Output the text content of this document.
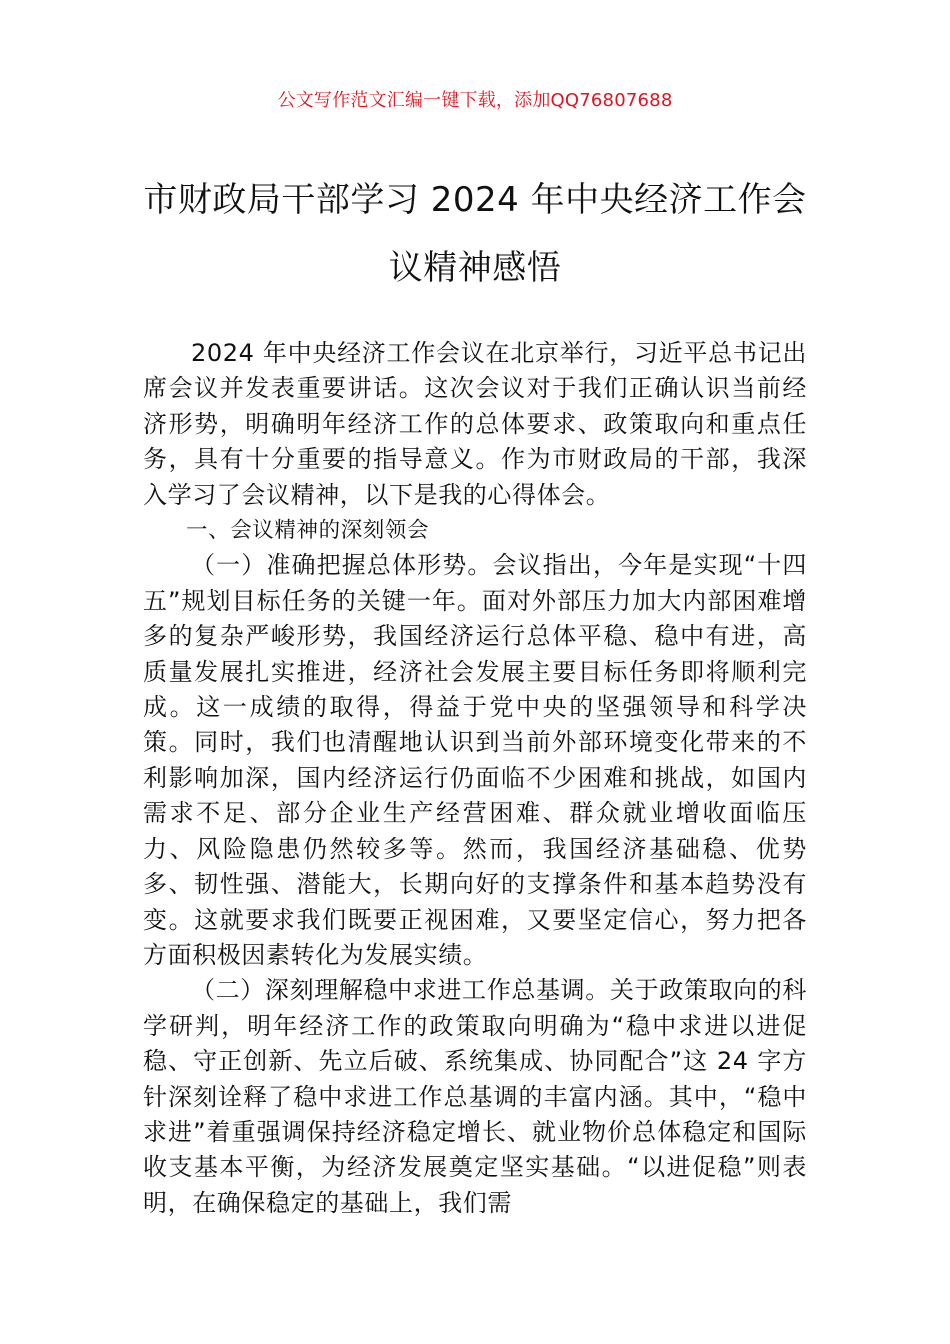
公文写作范文汇编一键下载，添加QQ76807688
市财政局干部学习 2024 年中央经济工作会
议精神感悟

2024 年中央经济工作会议在北京举行，习近平总书记出席会议并发表重要讲话。这次会议对于我们正确认识当前经济形势，明确明年经济工作的总体要求、政策取向和重点任务，具有十分重要的指导意义。作为市财政局的干部，我深入学习了会议精神，以下是我的心得体会。

一、会议精神的深刻领会

（一）准确把握总体形势。会议指出，今年是实现“十四五”规划目标任务的关键一年。面对外部压力加大内部困难增多的复杂严峻形势，我国经济运行总体平稳、稳中有进，高质量发展扎实推进，经济社会发展主要目标任务即将顺利完成。这一成绩的取得，得益于党中央的坚强领导和科学决策。同时，我们也清醒地认识到当前外部环境变化带来的不利影响加深，国内经济运行仍面临不少困难和挑战，如国内需求不足、部分企业生产经营困难、群众就业增收面临压力、风险隐患仍然较多等。然而，我国经济基础稳、优势多、韧性强、潜能大，长期向好的支撑条件和基本趋势没有变。这就要求我们既要正视困难，又要坚定信心，努力把各方面积极因素转化为发展实绩。

（二）深刻理解稳中求进工作总基调。关于政策取向的科学研判，明年经济工作的政策取向明确为“稳中求进以进促稳、守正创新、先立后破、系统集成、协同配合”这 24 字方针深刻诠释了稳中求进工作总基调的丰富内涵。其中，“稳中求进”着重强调保持经济稳定增长、就业物价总体稳定和国际收支基本平衡，为经济发展奠定坚实基础。“以进促稳”则表明，在确保稳定的基础上，我们需
